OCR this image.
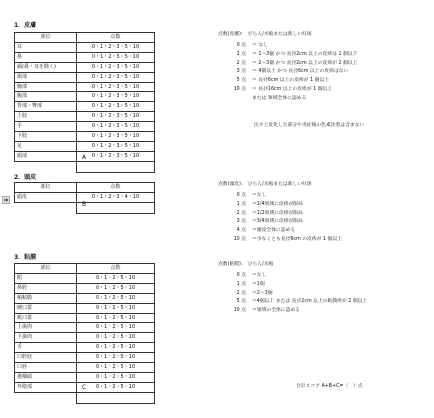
1．皮膚
部位	点数
耳	0・1・2・3・5・10
鼻	0・1・2・3・5・10
顔(鼻・耳を除く)	0・1・2・3・5・10
頸部	0・1・2・3・5・10
胸部	0・1・2・3・5・10
腹部	0・1・2・3・5・10
背部・臀部	0・1・2・3・5・10
上肢	0・1・2・3・5・10
手	0・1・2・3・5・10
下肢	0・1・2・3・5・10
足	0・1・2・3・5・10
頭部	0・1・2・3・5・10

A
点数(皮膚)： びらん/水疱または新しい紅斑
0 点 ＝ なし
1 点 ＝ 1〜3個 かつ 長径2cm 以上の皮疹は 1 個以下
2 点 ＝ 2〜3個 かつ 長径2cm 以上の皮疹が 2 個以上
3 点 ＝ 4個以上 かつ 長径6cm 以上の皮疹はない
5 点 ＝ 長径6cm 以上の皮疹が 1 個以上
10 点 ＝ 長径16cm 以上の皮疹が 1 個以上
または 領域全体に認める
注＊上皮化した部分や炎症後の色素沈着は含まない
2．頭皮
部位	点数
頭皮	0・1・2・3・4・10

B
点数(頭皮)： びらん/水疱または新しい紅斑
0 点 ＝なし
1 点 ＝1/4領域に皮疹が限局
2 点 ＝1/2領域に皮疹が限局
3 点 ＝3/4領域に皮疹が限局
4 点 ＝頭皮全体に認める
10 点 ＝少なくとも長径6cm の皮疹が 1 個以上
3．粘膜
部位	点数
眼	0・1・2・5・10
鼻腔	0・1・2・5・10
頬粘膜	0・1・2・5・10
硬口蓋	0・1・2・5・10
軟口蓋	0・1・2・5・10
上歯肉	0・1・2・5・10
下歯肉	0・1・2・5・10
舌	0・1・2・5・10
口腔底	0・1・2・5・10
口唇	0・1・2・5・10
後咽頭	0・1・2・5・10
外陰部	0・1・2・5・10

C
点数(粘膜)： びらん/水疱
0 点 ＝なし
1 点 ＝1個
2 点 ＝2〜3個
5 点 ＝4個以上 または 長径2cm 以上の粘膜疹が 2 個以上
10 点 ＝領域の全体に認める
合計スコア A+B+C=（　）点
